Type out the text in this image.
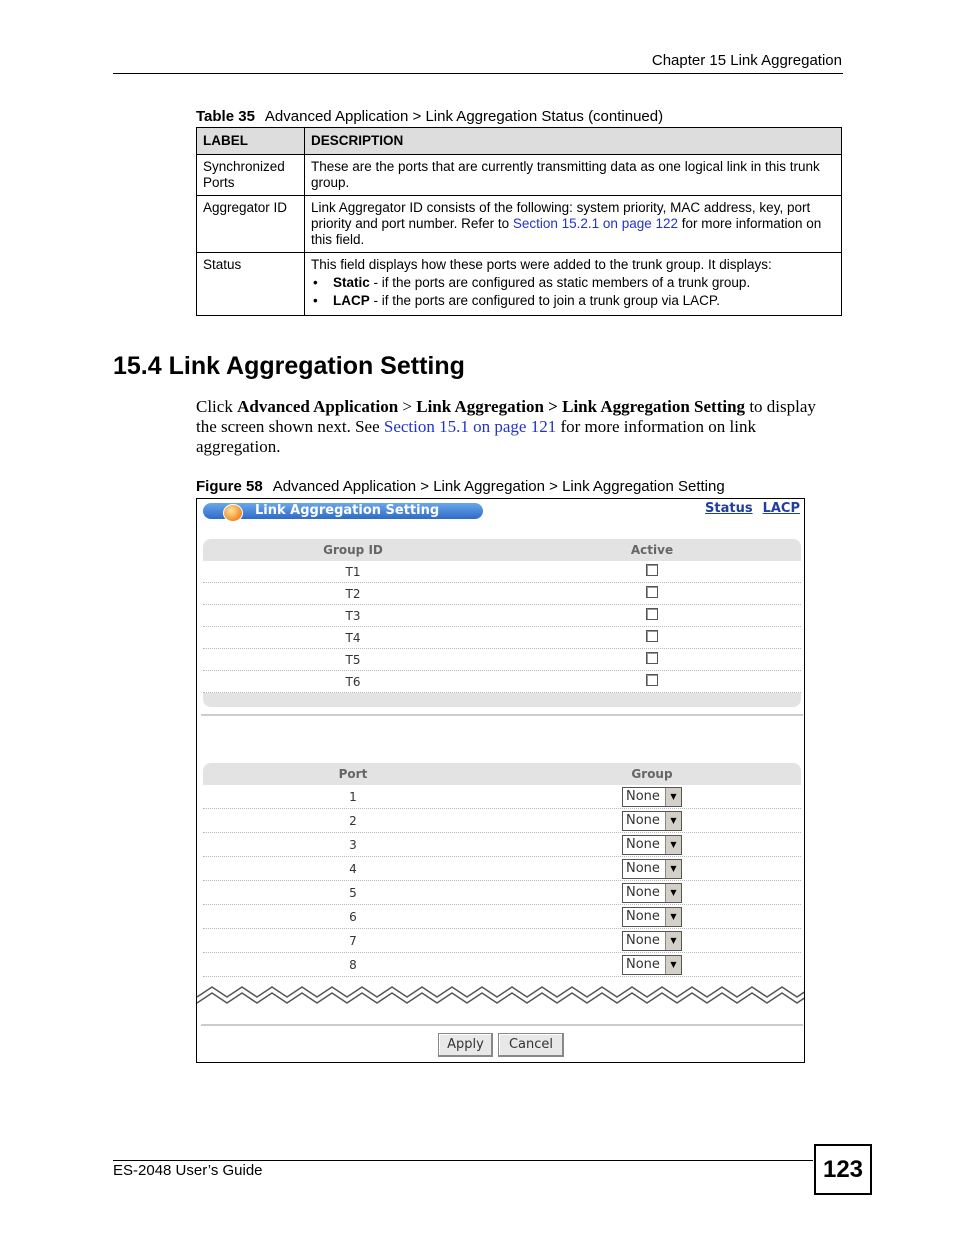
Chapter 15 Link Aggregation
Table 35 Advanced Application > Link Aggregation Status (continued)
LABEL	DESCRIPTION
Synchronized Ports	These are the ports that are currently transmitting data as one logical link in this trunk group.
Aggregator ID	Link Aggregator ID consists of the following: system priority, MAC address, key, port priority and port number. Refer to Section 15.2.1 on page 122 for more information on this field.
Status	This field displays how these ports were added to the trunk group. It displays:
• Static - if the ports are configured as static members of a trunk group.
• LACP - if the ports are configured to join a trunk group via LACP.
15.4 Link Aggregation Setting
Click Advanced Application > Link Aggregation > Link Aggregation Setting to display the screen shown next. See Section 15.1 on page 121 for more information on link aggregation.
Figure 58 Advanced Application > Link Aggregation > Link Aggregation Setting
Link Aggregation Setting	Status LACP
Group ID	Active
T1
T2
T3
T4
T5
T6
Port	Group
1	None	▼
2	None	▼
3	None	▼
4	None	▼
5	None	▼
6	None	▼
7	None	▼
8	None	▼
Apply	Cancel
ES-2048 User’s Guide	123
